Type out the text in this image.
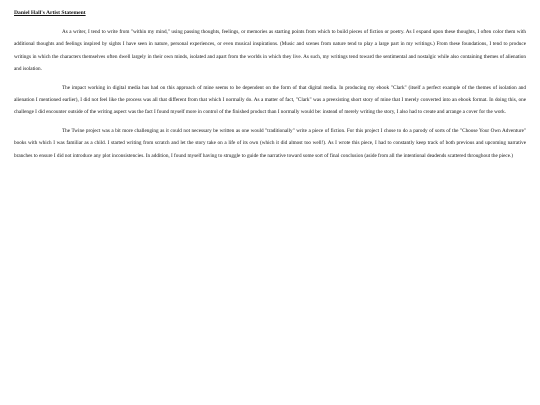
Daniel Hall's Artist Statement

As a writer, I tend to write from "within my mind," using passing thoughts, feelings, or memories as starting points from which to build pieces of fiction or poetry. As I expand upon these thoughts, I often color them with additional thoughts and feelings inspired by sights I have seen in nature, personal experiences, or even musical inspirations. (Music and scenes from nature tend to play a large part in my writings.) From these foundations, I tend to produce writings in which the characters themselves often dwell largely in their own minds, isolated and apart from the worlds in which they live. As such, my writings tend toward the sentimental and nostalgic while also containing themes of alienation and isolation.

The impact working in digital media has had on this approach of mine seems to be dependent on the form of that digital media. In producing my ebook "Clark" (itself a perfect example of the themes of isolation and alienation I mentioned earlier), I did not feel like the process was all that different from that which I normally do. As a matter of fact, "Clark" was a preexisting short story of mine that I merely converted into an ebook format. In doing this, one challenge I did encounter outside of the writing aspect was the fact I found myself more in control of the finished product than I normally would be: instead of merely writing the story, I also had to create and arrange a cover for the work.

The Twine project was a bit more challenging as it could not necessary be written as one would "traditionally" write a piece of fiction. For this project I chose to do a parody of sorts of the "Choose Your Own Adventure" books with which I was familiar as a child. I started writing from scratch and let the story take on a life of its own (which it did almost too well!). As I wrote this piece, I had to constantly keep track of both previous and upcoming narrative branches to ensure I did not introduce any plot inconsistencies. In addition, I found myself having to struggle to guide the narrative toward some sort of final conclusion (aside from all the intentional deadends scattered throughout the piece.)
